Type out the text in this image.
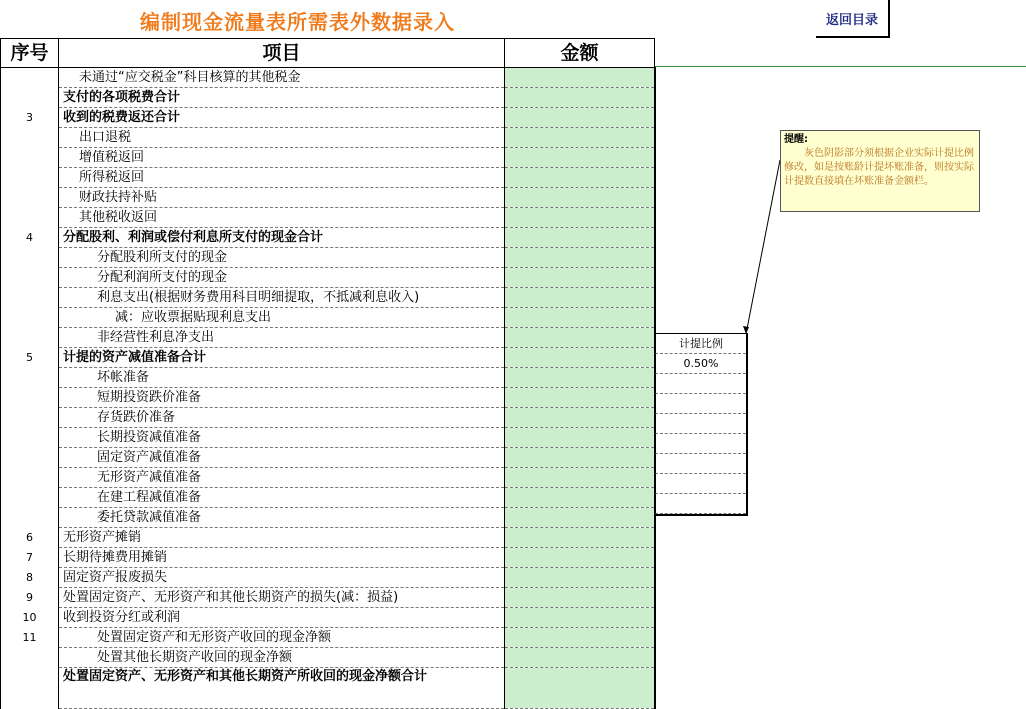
编制现金流量表所需表外数据录入	返回目录
序号	项目	金额
	未通过“应交税金”科目核算的其他税金	
	支付的各项税费合计	
3	收到的税费返还合计	
	出口退税	
	增值税返回	
	所得税返回	
	财政扶持补贴	
	其他税收返回	
4	分配股利、利润或偿付利息所支付的现金合计	
	分配股利所支付的现金	
	分配利润所支付的现金	
	利息支出(根据财务费用科目明细提取，不抵减利息收入)	
	减：应收票据贴现利息支出	
	非经营性利息净支出	
5	计提的资产减值准备合计	
	坏帐准备	
	短期投资跌价准备	
	存货跌价准备	
	长期投资减值准备	
	固定资产减值准备	
	无形资产减值准备	
	在建工程减值准备	
	委托贷款减值准备	
6	无形资产摊销	
7	长期待摊费用摊销	
8	固定资产报废损失	
9	处置固定资产、无形资产和其他长期资产的损失(减：损益)	
10	收到投资分红或利润	
11	处置固定资产和无形资产收回的现金净额	
	处置其他长期资产收回的现金净额	
	处置固定资产、无形资产和其他长期资产所收回的现金净额合计	
计提比例
0.50%
提醒:
灰色阴影部分须根据企业实际计提比例修改，如是按账龄计提坏账准备，则按实际计提数直接填在坏账准备金额栏。
